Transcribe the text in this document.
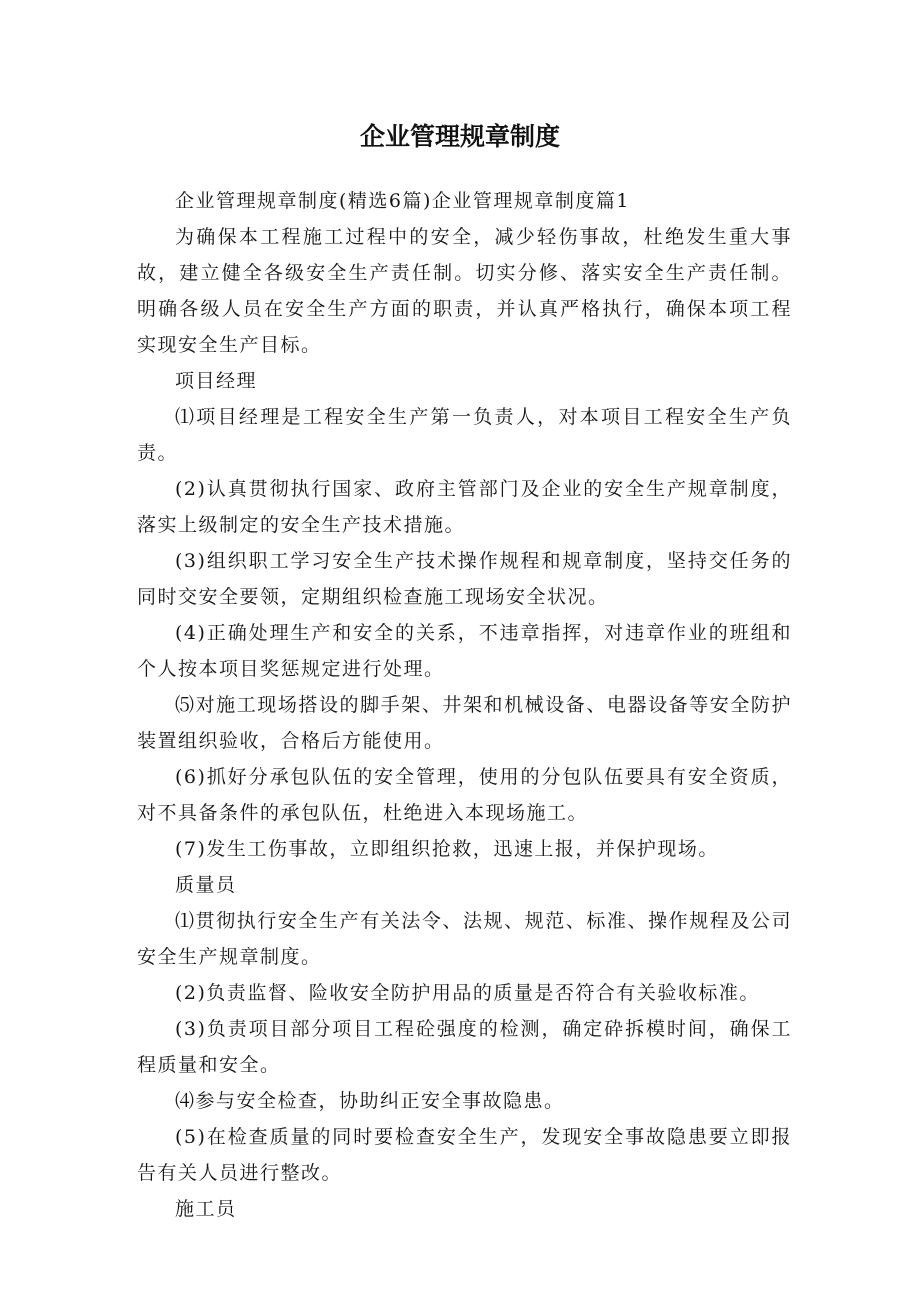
企业管理规章制度

企业管理规章制度(精选6篇)企业管理规章制度篇1

为确保本工程施工过程中的安全，减少轻伤事故，杜绝发生重大事故，建立健全各级安全生产责任制。切实分修、落实安全生产责任制。明确各级人员在安全生产方面的职责，并认真严格执行，确保本项工程实现安全生产目标。

项目经理

⑴项目经理是工程安全生产第一负责人，对本项目工程安全生产负责。

(2)认真贯彻执行国家、政府主管部门及企业的安全生产规章制度，落实上级制定的安全生产技术措施。

(3)组织职工学习安全生产技术操作规程和规章制度，坚持交任务的同时交安全要领，定期组织检查施工现场安全状况。

(4)正确处理生产和安全的关系，不违章指挥，对违章作业的班组和个人按本项目奖惩规定进行处理。

⑸对施工现场搭设的脚手架、井架和机械设备、电器设备等安全防护装置组织验收，合格后方能使用。

(6)抓好分承包队伍的安全管理，使用的分包队伍要具有安全资质，对不具备条件的承包队伍，杜绝进入本现场施工。

(7)发生工伤事故，立即组织抢救，迅速上报，并保护现场。

质量员

⑴贯彻执行安全生产有关法令、法规、规范、标准、操作规程及公司安全生产规章制度。

(2)负责监督、险收安全防护用品的质量是否符合有关验收标准。

(3)负责项目部分项目工程砼强度的检测，确定砕拆模时间，确保工程质量和安全。

⑷参与安全检查，协助纠正安全事故隐患。

(5)在检查质量的同时要检查安全生产，发现安全事故隐患要立即报告有关人员进行整改。

施工员
